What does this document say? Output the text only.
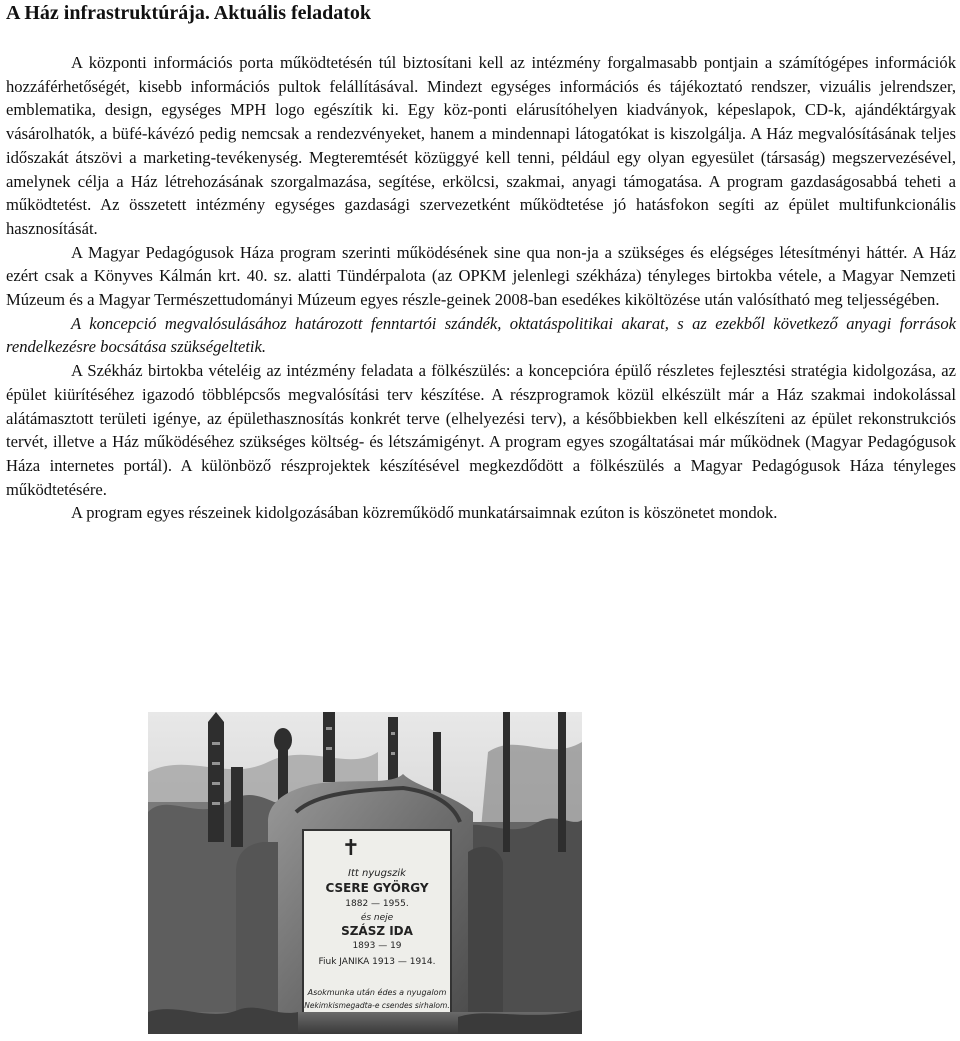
A Ház infrastruktúrája. Aktuális feladatok

A központi információs porta működtetésén túl biztosítani kell az intézmény forgalmasabb pontjain a számítógépes információk hozzáférhetőségét, kisebb információs pultok felállításával. Mindezt egységes információs és tájékoztató rendszer, vizuális jelrendszer, emblematika, design, egységes MPH logo egészítik ki. Egy köz-ponti elárusítóhelyen kiadványok, képeslapok, CD-k, ajándéktárgyak vásárolhatók, a büfé-kávézó pedig nemcsak a rendezvényeket, hanem a mindennapi látogatókat is kiszolgálja. A Ház megvalósításának teljes időszakát átszövi a marketing-tevékenység. Megteremtését közüggyé kell tenni, például egy olyan egyesület (társaság) megszervezésével, amelynek célja a Ház létrehozásának szorgalmazása, segítése, erkölcsi, szakmai, anyagi támogatása. A program gazdaságosabbá teheti a működtetést. Az összetett intézmény egységes gazdasági szervezetként működtetése jó hatásfokon segíti az épület multifunkcionális hasznosítását.

A Magyar Pedagógusok Háza program szerinti működésének sine qua non-ja a szükséges és elégséges létesítményi háttér. A Ház ezért csak a Könyves Kálmán krt. 40. sz. alatti Tündérpalota (az OPKM jelenlegi székháza) tényleges birtokba vétele, a Magyar Nemzeti Múzeum és a Magyar Természettudományi Múzeum egyes részle-geinek 2008-ban esedékes kiköltözése után valósítható meg teljességében.

A koncepció megvalósulásához határozott fenntartói szándék, oktatáspolitikai akarat, s az ezekből következő anyagi források rendelkezésre bocsátása szükségeltetik.

A Székház birtokba vételéig az intézmény feladata a fölkészülés: a koncepcióra épülő részletes fejlesztési stratégia kidolgozása, az épület kiürítéséhez igazodó többlépcsős megvalósítási terv készítése. A részprogramok közül elkészült már a Ház szakmai indokolással alátámasztott területi igénye, az épülethasznosítás konkrét terve (elhelyezési terv), a későbbiekben kell elkészíteni az épület rekonstrukciós tervét, illetve a Ház működéséhez szükséges költség- és létszámigényt. A program egyes szogáltatásai már működnek (Magyar Pedagógusok Háza internetes portál). A különböző részprojektek készítésével megkezdődött a fölkészülés a Magyar Pedagógusok Háza tényleges működtetésére.

A program egyes részeinek kidolgozásában közreműködő munkatársaimnak ezúton is köszönetet mondok.

✝
Itt nyugszik
CSERE GYÖRGY
1882 — 1955.
és neje
SZÁSZ IDA
1893 — 19
Fiuk JANIKA 1913 — 1914.
Asokmunka után édes a nyugalom
Nekimkismegadta-e csendes sirhalom.
